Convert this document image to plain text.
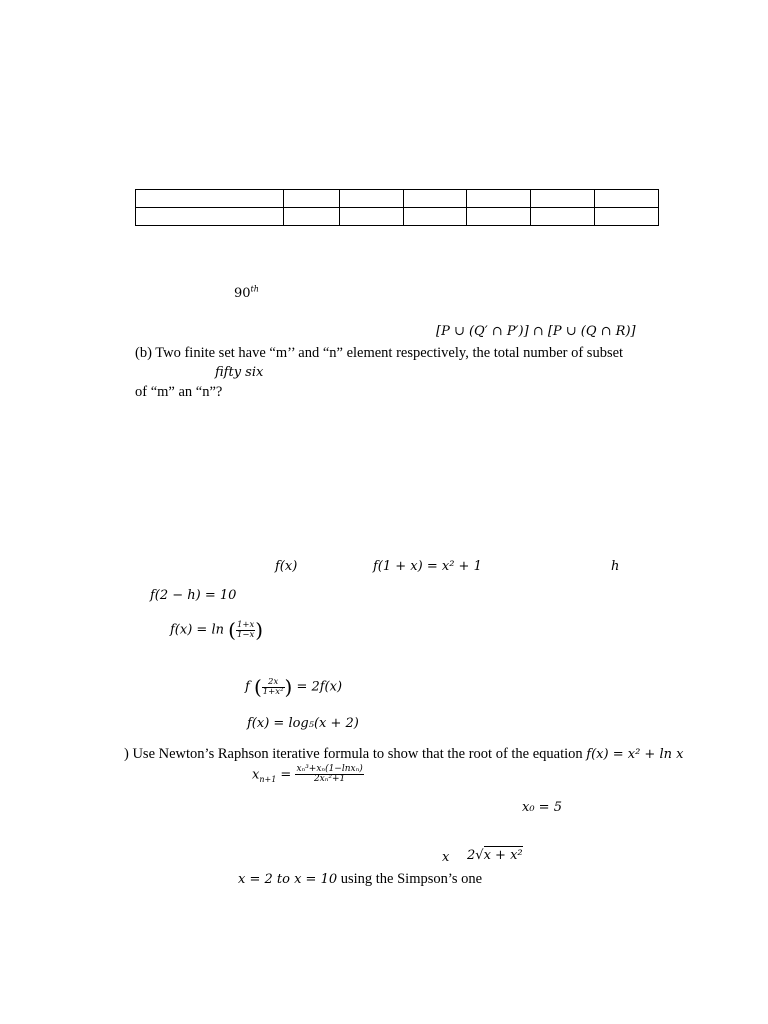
90th
[P ∪ (Q′ ∩ P′)] ∩ [P ∪ (Q ∩ R)]
(b) Two finite set have “m’’ and “n” element respectively, the total number of subset
fifty six
of “m” an “n”?
f(x)	f(1 + x) = x² + 1	h
f(2 − h) = 10
f(x) = ln ( $\frac{1+x}{1-x}$ )
f ( $\frac{2x}{\text{1+x²}}$ ) = 2f(x)
f(x) = log₅(x + 2)
) Use Newton’s Raphson iterative formula to show that the root of the equation f(x) = x² + ln x
$x_{n+1} = \frac{\text{xₙ³+xₙ(1−lnxₙ)}}{\text{2xₙ²+1}}$
x₀ = 5
x 2√x + x²
x = 2 to x = 10 using the Simpson’s one
